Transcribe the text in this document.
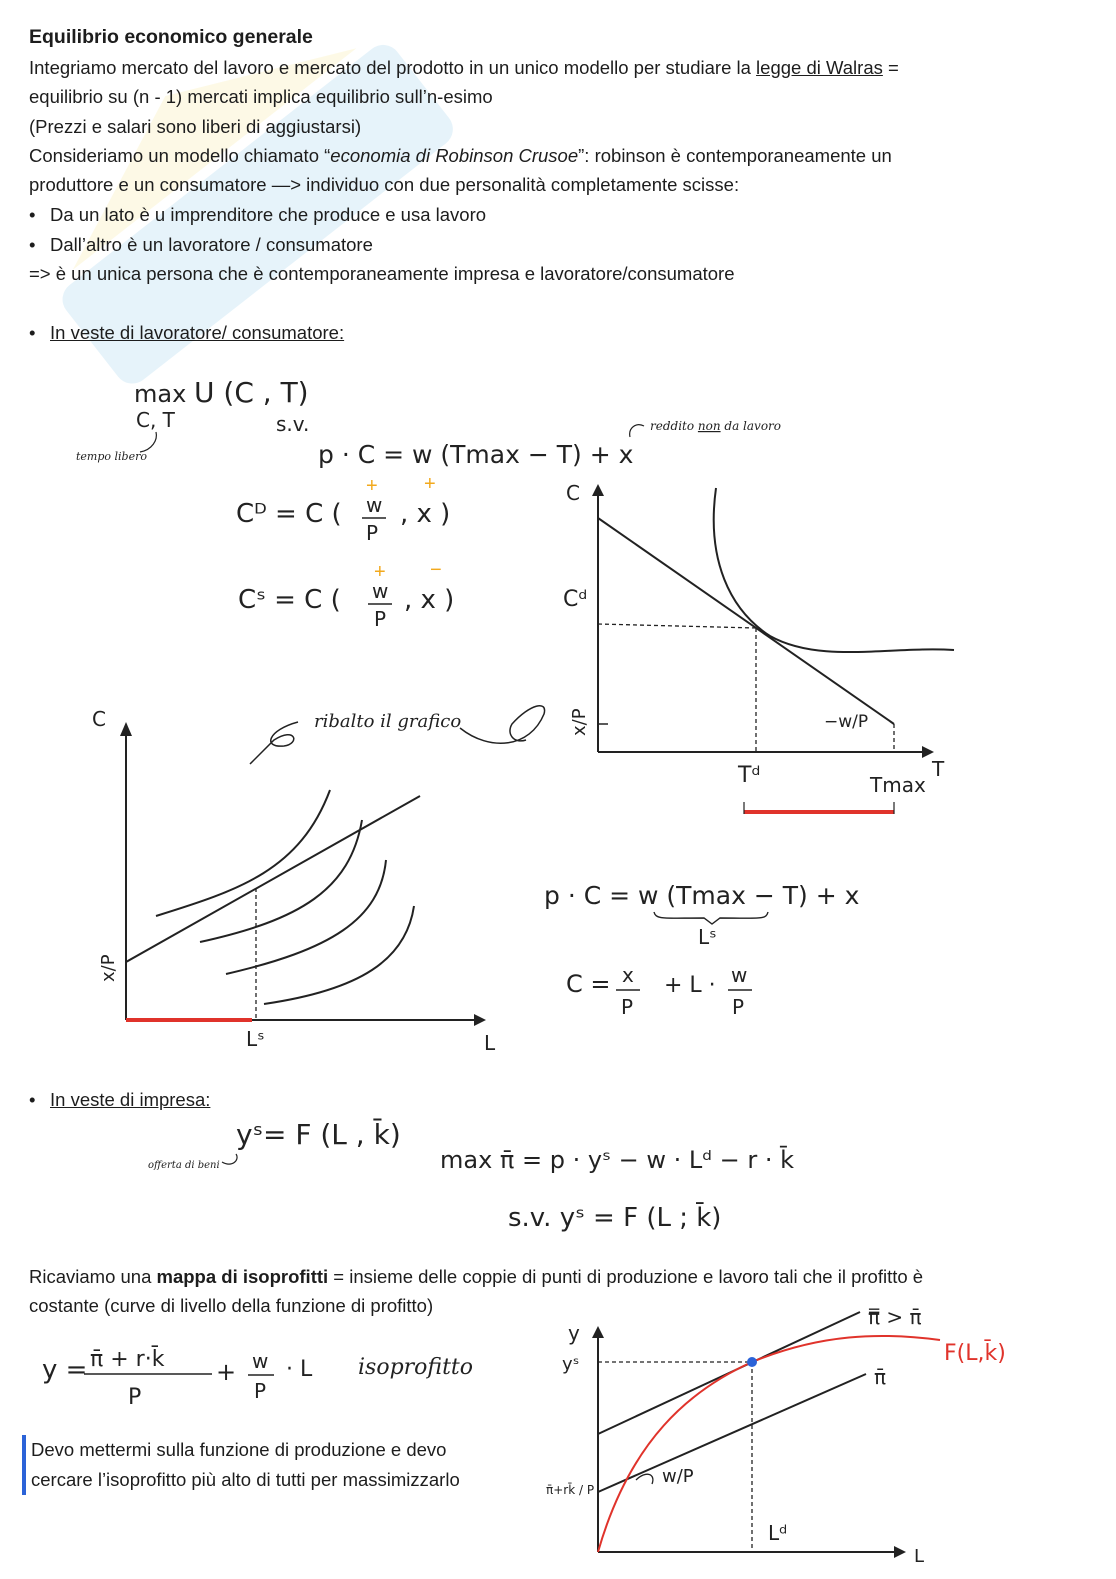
Equilibrio economico generale
Integriamo mercato del lavoro e mercato del prodotto in un unico modello per studiare la legge di Walras =
equilibrio su (n - 1) mercati implica equilibrio sull’n-esimo
(Prezzi e salari sono liberi di aggiustarsi)
Consideriamo un modello chiamato “economia di Robinson Crusoe”: robinson è contemporaneamente un
produttore e un consumatore —> individuo con due personalità completamente scisse:
• Da un lato è u imprenditore che produce e usa lavoro
• Dall’altro è un lavoratore / consumatore
=> è un unica persona che è contemporaneamente impresa e lavoratore/consumatore
• In veste di lavoratore/ consumatore:
max U (C , T)
C, T
tempo libero
s.v.
p · C = w (Tmax − T) + x
reddito non da lavoro
Cᴰ = C ( w
P
, x )
+ +
Cˢ = C ( w
P
, x )
+ −
ribalto il grafico
C
Cᵈ
x/P	−w/P
Tᵈ	Tmax
T
C
x/P
Lˢ	L
p · C = w (Tmax − T) + x
Lˢ
C = x
P
+ L · w
P
• In veste di impresa:
yˢ= F (L , k̄)
offerta di beni	max π̄ = p · yˢ − w · Lᵈ − r · k̄
s.v. yˢ = F (L ; k̄)
Ricaviamo una mappa di isoprofitti = insieme delle coppie di punti di produzione e lavoro tali che il profitto è
costante (curve di livello della funzione di profitto)
Devo mettermi sulla funzione di produzione e devo
cercare l’isoprofitto più alto di tutti per massimizzarlo
y = π̄ + r·k̄
P
+ w
P
· L isoprofitto
y
yˢ
π̄+rk̄ / P
w/P
Lᵈ
L
π̿ > π̄
π̄
F(L,k̄)
